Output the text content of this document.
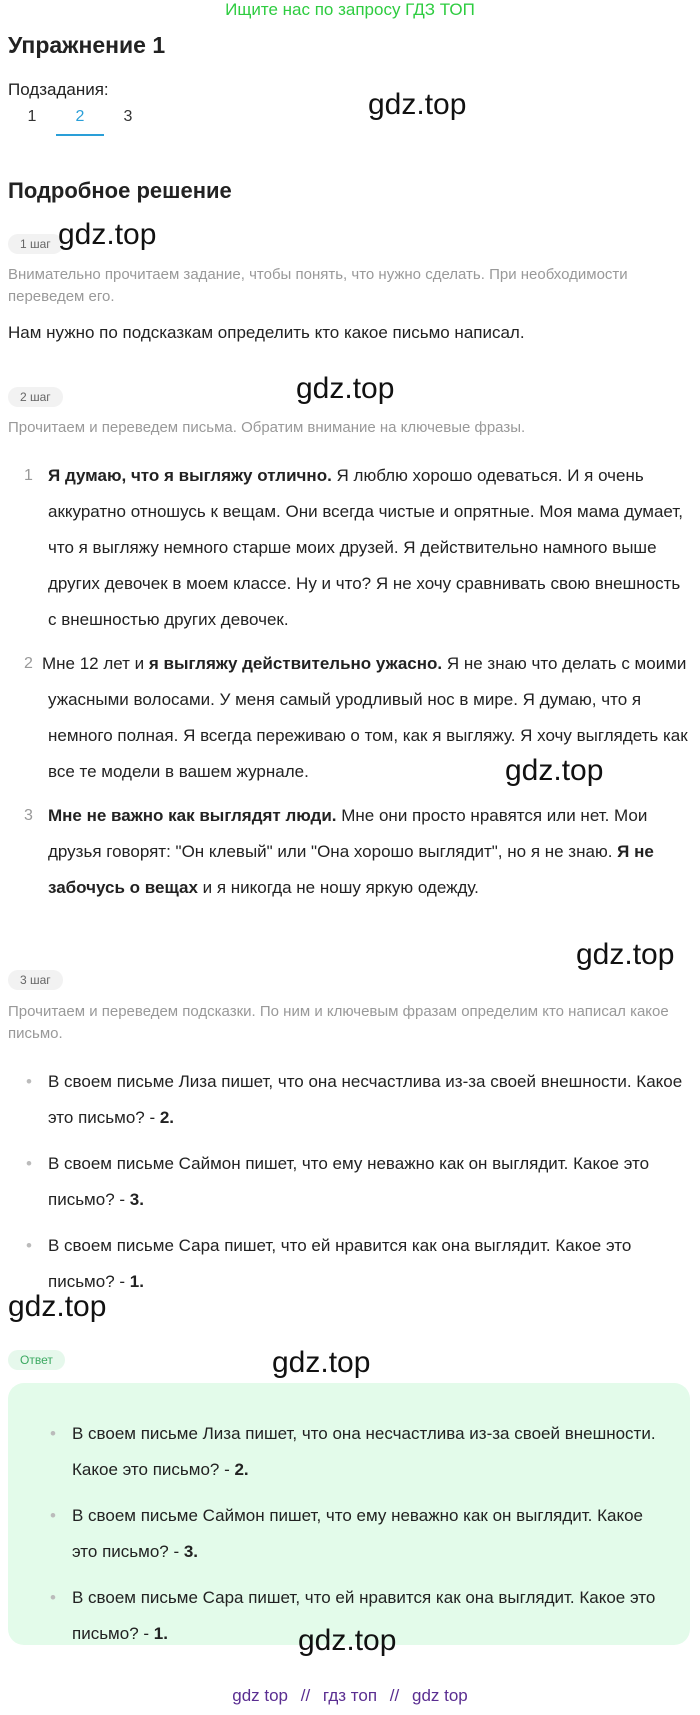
Ищите нас по запросу ГДЗ ТОП
Упражнение 1
Подзадания:
1	2	3	gdz.top
Подробное решение
1 шаг gdz.top
Внимательно прочитаем задание, чтобы понять, что нужно сделать. При необходимости переведем его.
Нам нужно по подсказкам определить кто какое письмо написал.
2 шаг	gdz.top
Прочитаем и переведем письма. Обратим внимание на ключевые фразы.
1 Я думаю, что я выгляжу отлично. Я люблю хорошо одеваться. И я очень аккуратно отношусь к вещам. Они всегда чистые и опрятные. Моя мама думает, что я выгляжу немного старше моих друзей. Я действительно намного выше других девочек в моем классе. Ну и что? Я не хочу сравнивать свою внешность с внешностью других девочек.
2 Мне 12 лет и я выгляжу действительно ужасно. Я не знаю что делать с моими ужасными волосами. У меня самый уродливый нос в мире. Я думаю, что я немного полная. Я всегда переживаю о том, как я выгляжу. Я хочу выглядеть как все те модели в вашем журнале.
3 Мне не важно как выглядят люди. Мне они просто нравятся или нет. Мои друзья говорят: "Он клевый" или "Она хорошо выглядит", но я не знаю. Я не забочусь о вещах и я никогда не ношу яркую одежду.
gdz.top
gdz.top
3 шаг
Прочитаем и переведем подсказки. По ним и ключевым фразам определим кто написал какое письмо.
• В своем письме Лиза пишет, что она несчастлива из-за своей внешности. Какое это письмо? - 2.
• В своем письме Саймон пишет, что ему неважно как он выглядит. Какое это письмо? - 3.
• В своем письме Сара пишет, что ей нравится как она выглядит. Какое это письмо? - 1.
gdz.top
Ответ	gdz.top
• В своем письме Лиза пишет, что она несчастлива из-за своей внешности. Какое это письмо? - 2.
• В своем письме Саймон пишет, что ему неважно как он выглядит. Какое это письмо? - 3.
• В своем письме Сара пишет, что ей нравится как она выглядит. Какое это письмо? - 1.	gdz.top
gdz top // гдз топ // gdz top
